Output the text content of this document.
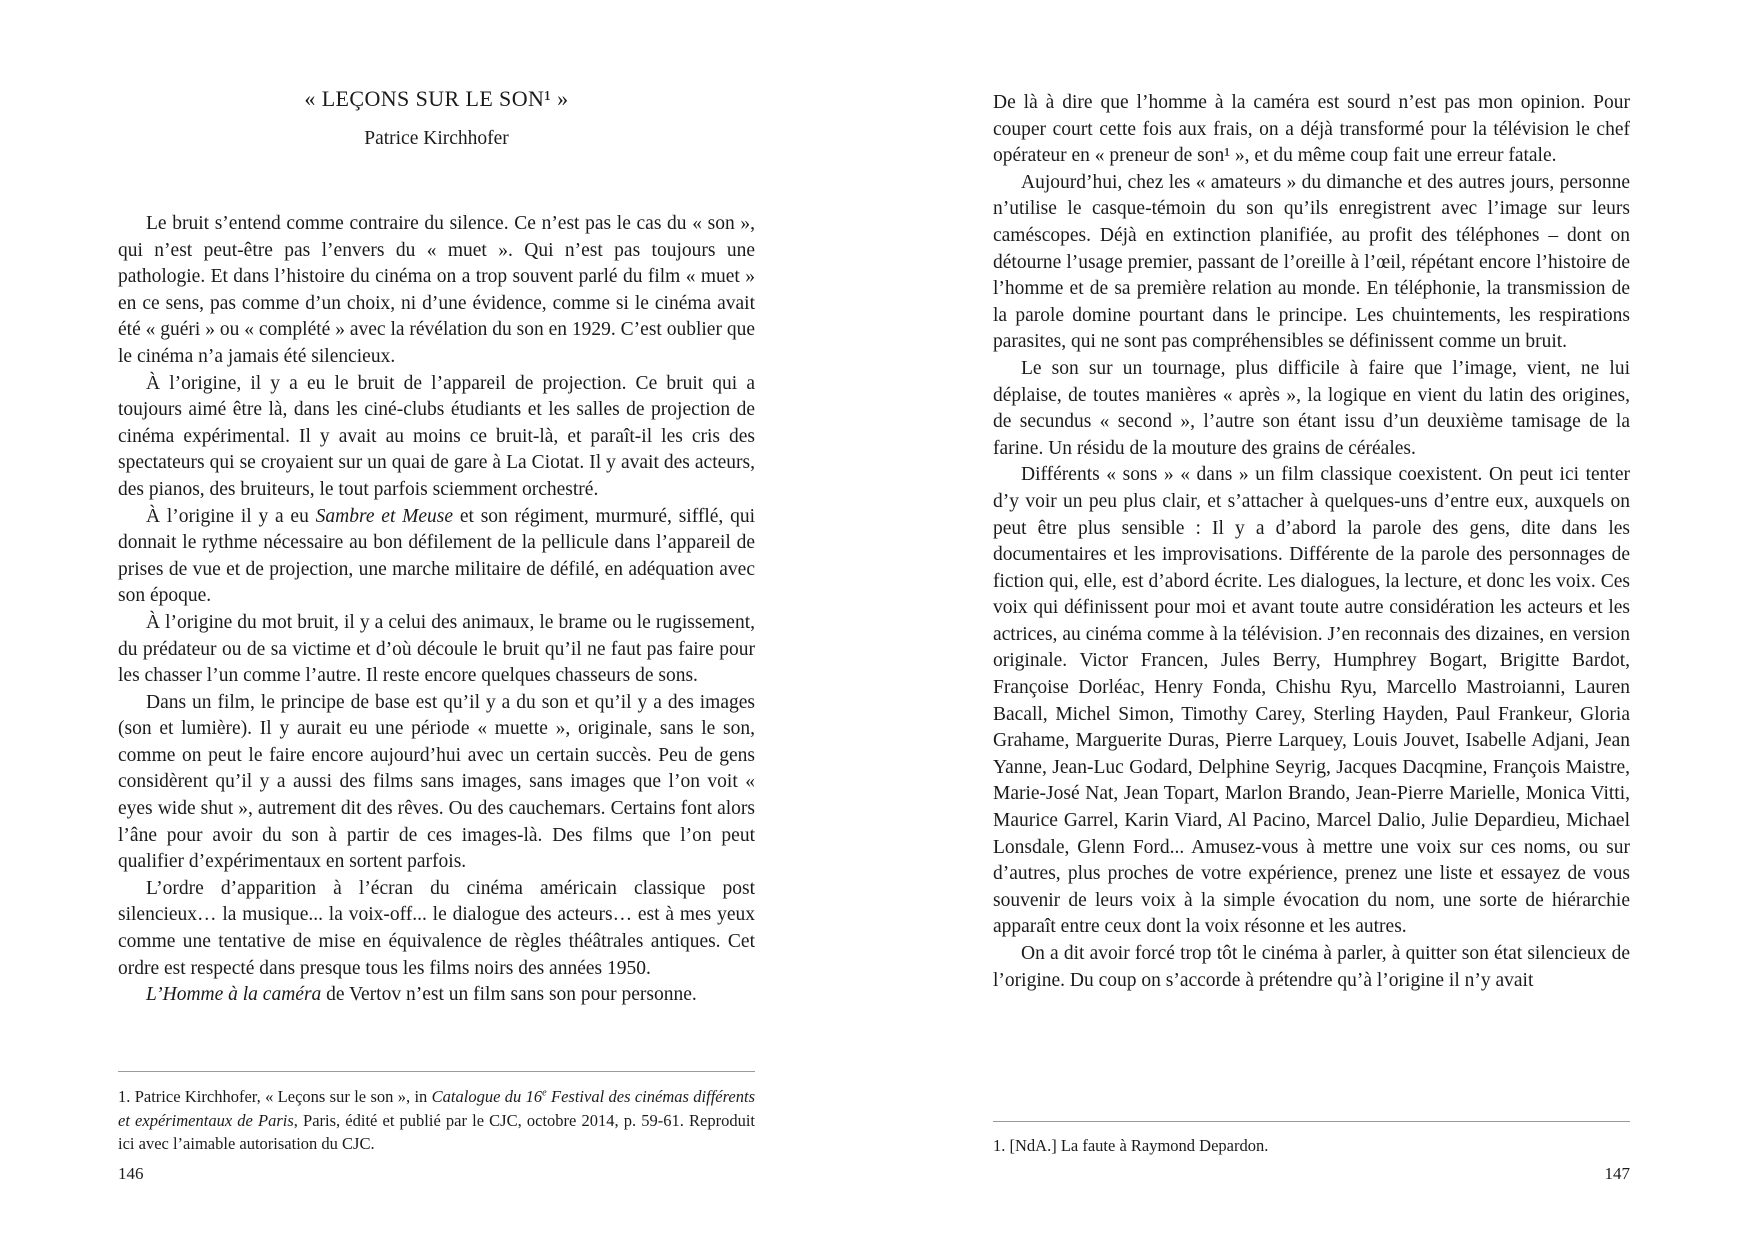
« LEÇONS SUR LE SON¹ »
Patrice Kirchhofer

Le bruit s’entend comme contraire du silence. Ce n’est pas le cas du « son », qui n’est peut-être pas l’envers du « muet ». Qui n’est pas toujours une pathologie. Et dans l’histoire du cinéma on a trop souvent parlé du film « muet » en ce sens, pas comme d’un choix, ni d’une évidence, comme si le cinéma avait été « guéri » ou « complété » avec la révélation du son en 1929. C’est oublier que le cinéma n’a jamais été silencieux.

À l’origine, il y a eu le bruit de l’appareil de projection. Ce bruit qui a toujours aimé être là, dans les ciné-clubs étudiants et les salles de projection de cinéma expérimental. Il y avait au moins ce bruit-là, et paraît-il les cris des spectateurs qui se croyaient sur un quai de gare à La Ciotat. Il y avait des acteurs, des pianos, des bruiteurs, le tout parfois sciemment orchestré.

À l’origine il y a eu Sambre et Meuse et son régiment, murmuré, sifflé, qui donnait le rythme nécessaire au bon défilement de la pellicule dans l’appareil de prises de vue et de projection, une marche militaire de défilé, en adéquation avec son époque.

À l’origine du mot bruit, il y a celui des animaux, le brame ou le rugissement, du prédateur ou de sa victime et d’où découle le bruit qu’il ne faut pas faire pour les chasser l’un comme l’autre. Il reste encore quelques chasseurs de sons.

Dans un film, le principe de base est qu’il y a du son et qu’il y a des images (son et lumière). Il y aurait eu une période « muette », originale, sans le son, comme on peut le faire encore aujourd’hui avec un certain succès. Peu de gens considèrent qu’il y a aussi des films sans images, sans images que l’on voit « eyes wide shut », autrement dit des rêves. Ou des cauchemars. Certains font alors l’âne pour avoir du son à partir de ces images-là. Des films que l’on peut qualifier d’expérimentaux en sortent parfois.

L’ordre d’apparition à l’écran du cinéma américain classique post silencieux… la musique... la voix-off... le dialogue des acteurs… est à mes yeux comme une tentative de mise en équivalence de règles théâtrales antiques. Cet ordre est respecté dans presque tous les films noirs des années 1950.

L’Homme à la caméra de Vertov n’est un film sans son pour personne.

1. Patrice Kirchhofer, « Leçons sur le son », in Catalogue du 16e Festival des cinémas différents et expérimentaux de Paris, Paris, édité et publié par le CJC, octobre 2014, p. 59-61. Reproduit ici avec l’aimable autorisation du CJC.
146

De là à dire que l’homme à la caméra est sourd n’est pas mon opinion. Pour couper court cette fois aux frais, on a déjà transformé pour la télévision le chef opérateur en « preneur de son¹ », et du même coup fait une erreur fatale.

Aujourd’hui, chez les « amateurs » du dimanche et des autres jours, personne n’utilise le casque-témoin du son qu’ils enregistrent avec l’image sur leurs caméscopes. Déjà en extinction planifiée, au profit des téléphones – dont on détourne l’usage premier, passant de l’oreille à l’œil, répétant encore l’histoire de l’homme et de sa première relation au monde. En téléphonie, la transmission de la parole domine pourtant dans le principe. Les chuintements, les respirations parasites, qui ne sont pas compréhensibles se définissent comme un bruit.

Le son sur un tournage, plus difficile à faire que l’image, vient, ne lui déplaise, de toutes manières « après », la logique en vient du latin des origines, de secundus « second », l’autre son étant issu d’un deuxième tamisage de la farine. Un résidu de la mouture des grains de céréales.

Différents « sons » « dans » un film classique coexistent. On peut ici tenter d’y voir un peu plus clair, et s’attacher à quelques-uns d’entre eux, auxquels on peut être plus sensible : Il y a d’abord la parole des gens, dite dans les documentaires et les improvisations. Différente de la parole des personnages de fiction qui, elle, est d’abord écrite. Les dialogues, la lecture, et donc les voix. Ces voix qui définissent pour moi et avant toute autre considération les acteurs et les actrices, au cinéma comme à la télévision. J’en reconnais des dizaines, en version originale. Victor Francen, Jules Berry, Humphrey Bogart, Brigitte Bardot, Françoise Dorléac, Henry Fonda, Chishu Ryu, Marcello Mastroianni, Lauren Bacall, Michel Simon, Timothy Carey, Sterling Hayden, Paul Frankeur, Gloria Grahame, Marguerite Duras, Pierre Larquey, Louis Jouvet, Isabelle Adjani, Jean Yanne, Jean-Luc Godard, Delphine Seyrig, Jacques Dacqmine, François Maistre, Marie-José Nat, Jean Topart, Marlon Brando, Jean-Pierre Marielle, Monica Vitti, Maurice Garrel, Karin Viard, Al Pacino, Marcel Dalio, Julie Depardieu, Michael Lonsdale, Glenn Ford... Amusez-vous à mettre une voix sur ces noms, ou sur d’autres, plus proches de votre expérience, prenez une liste et essayez de vous souvenir de leurs voix à la simple évocation du nom, une sorte de hiérarchie apparaît entre ceux dont la voix résonne et les autres.

On a dit avoir forcé trop tôt le cinéma à parler, à quitter son état silencieux de l’origine. Du coup on s’accorde à prétendre qu’à l’origine il n’y avait

1. [NdA.] La faute à Raymond Depardon.
147
